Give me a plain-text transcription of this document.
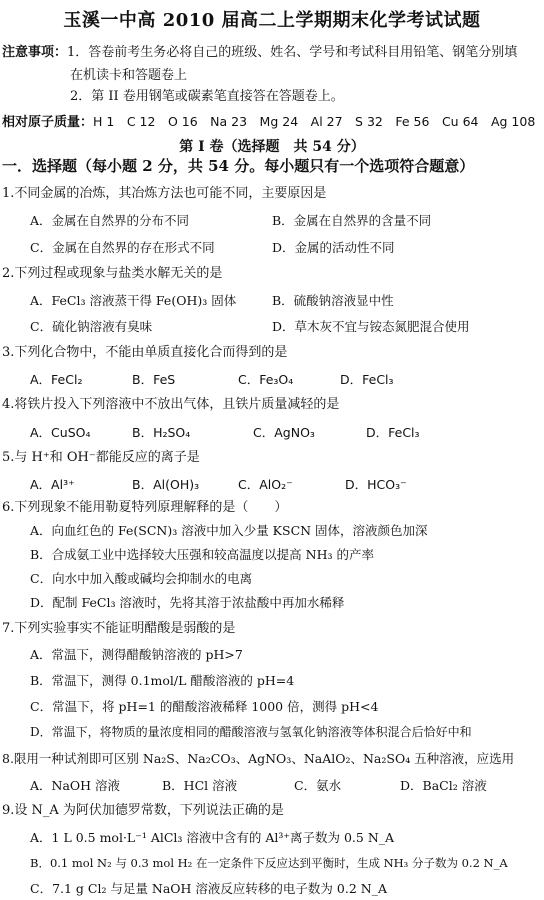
玉溪一中高 2010 届高二上学期期末化学考试试题
注意事项：1．答卷前考生务必将自己的班级、姓名、学号和考试科目用铅笔、钢笔分别填
在机读卡和答题卷上
2．第 II 卷用钢笔或碳素笔直接答在答题卷上。
相对原子质量：H 1　C 12　O 16　Na 23　Mg 24　Al 27　S 32　Fe 56　Cu 64　Ag 108
第 Ⅰ 卷（选择题　共 54 分）
一．选择题（每小题 2 分，共 54 分。每小题只有一个选项符合题意）
1.不同金属的冶炼，其冶炼方法也可能不同，主要原因是
A．金属在自然界的分布不同	B．金属在自然界的含量不同
C．金属在自然界的存在形式不同	D．金属的活动性不同
2.下列过程或现象与盐类水解无关的是
A．FeCl₃ 溶液蒸干得 Fe(OH)₃ 固体	B．硫酸钠溶液显中性
C．硫化钠溶液有臭味	D．草木灰不宜与铵态氮肥混合使用
3.下列化合物中，不能由单质直接化合而得到的是
A．FeCl₂	B．FeS	C．Fe₃O₄	D．FeCl₃
4.将铁片投入下列溶液中不放出气体，且铁片质量减轻的是
A．CuSO₄	B．H₂SO₄	C．AgNO₃	D．FeCl₃
5.与 H⁺和 OH⁻都能反应的离子是
A．Al³⁺	B．Al(OH)₃	C．AlO₂⁻	D．HCO₃⁻
6.下列现象不能用勒夏特列原理解释的是（　　）
A．向血红色的 Fe(SCN)₃ 溶液中加入少量 KSCN 固体，溶液颜色加深
B．合成氨工业中选择较大压强和较高温度以提高 NH₃ 的产率
C．向水中加入酸或碱均会抑制水的电离
D．配制 FeCl₃ 溶液时，先将其溶于浓盐酸中再加水稀释
7.下列实验事实不能证明醋酸是弱酸的是
A．常温下，测得醋酸钠溶液的 pH>7
B．常温下，测得 0.1mol/L 醋酸溶液的 pH=4
C．常温下，将 pH=1 的醋酸溶液稀释 1000 倍，测得 pH<4
D．常温下，将物质的量浓度相同的醋酸溶液与氢氧化钠溶液等体积混合后恰好中和
8.限用一种试剂即可区别 Na₂S、Na₂CO₃、AgNO₃、NaAlO₂、Na₂SO₄ 五种溶液，应选用
A．NaOH 溶液	B．HCl 溶液	C．氨水	D．BaCl₂ 溶液
9.设 N_A 为阿伏加德罗常数，下列说法正确的是
A．1 L 0.5 mol·L⁻¹ AlCl₃ 溶液中含有的 Al³⁺离子数为 0.5 N_A
B．0.1 mol N₂ 与 0.3 mol H₂ 在一定条件下反应达到平衡时，生成 NH₃ 分子数为 0.2 N_A
C．7.1 g Cl₂ 与足量 NaOH 溶液反应转移的电子数为 0.2 N_A
